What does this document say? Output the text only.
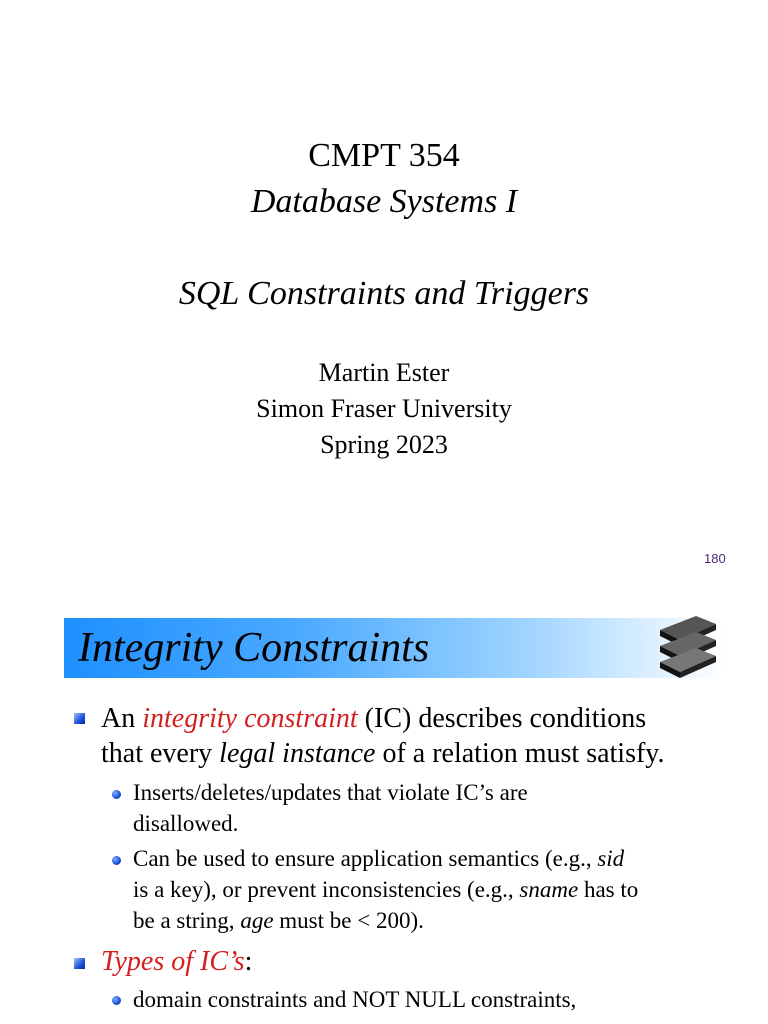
CMPT 354
Database Systems I
SQL Constraints and Triggers
Martin Ester
Simon Fraser University
Spring 2023
180
Integrity Constraints
An integrity constraint (IC) describes conditions
that every legal instance of a relation must satisfy.
Inserts/deletes/updates that violate IC’s are
disallowed.
Can be used to ensure application semantics (e.g., sid
is a key), or prevent inconsistencies (e.g., sname has to
be a string, age must be < 200).
Types of IC’s:
domain constraints and NOT NULL constraints,
